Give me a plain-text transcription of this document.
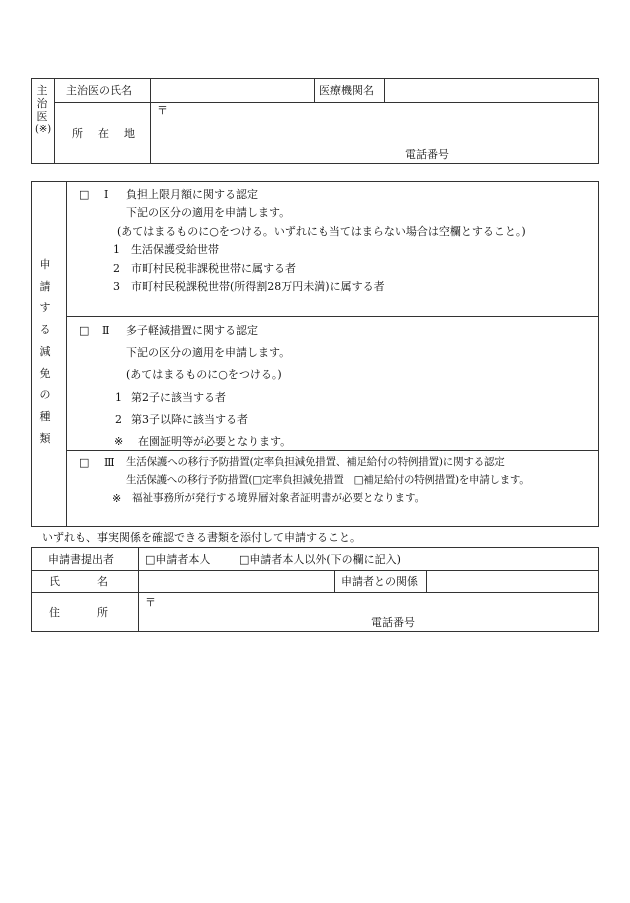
主
治
医
(※)
主治医の氏名	医療機関名
所　在　地
〒
電話番号
申
請
す
る
減
免
の
種
類
□ Ⅰ 負担上限月額に関する認定
下記の区分の適用を申請します。
(あてはまるものに○をつける。いずれにも当てはまらない場合は空欄とすること。)
1 生活保護受給世帯
2 市町村民税非課税世帯に属する者
3 市町村民税課税世帯(所得割28万円未満)に属する者
□ Ⅱ 多子軽減措置に関する認定
下記の区分の適用を申請します。
(あてはまるものに○をつける。)
1 第2子に該当する者
2 第3子以降に該当する者
※ 在園証明等が必要となります。
□ Ⅲ 生活保護への移行予防措置(定率負担減免措置、補足給付の特例措置)に関する認定
生活保護への移行予防措置(□定率負担減免措置　□補足給付の特例措置)を申請します。
※ 福祉事務所が発行する境界層対象者証明書が必要となります。
いずれも、事実関係を確認できる書類を添付して申請すること。
申請書提出者	□申請者本人	□申請者本人以外(下の欄に記入)
氏　　　名	申請者との関係
住　　　所
〒
電話番号
